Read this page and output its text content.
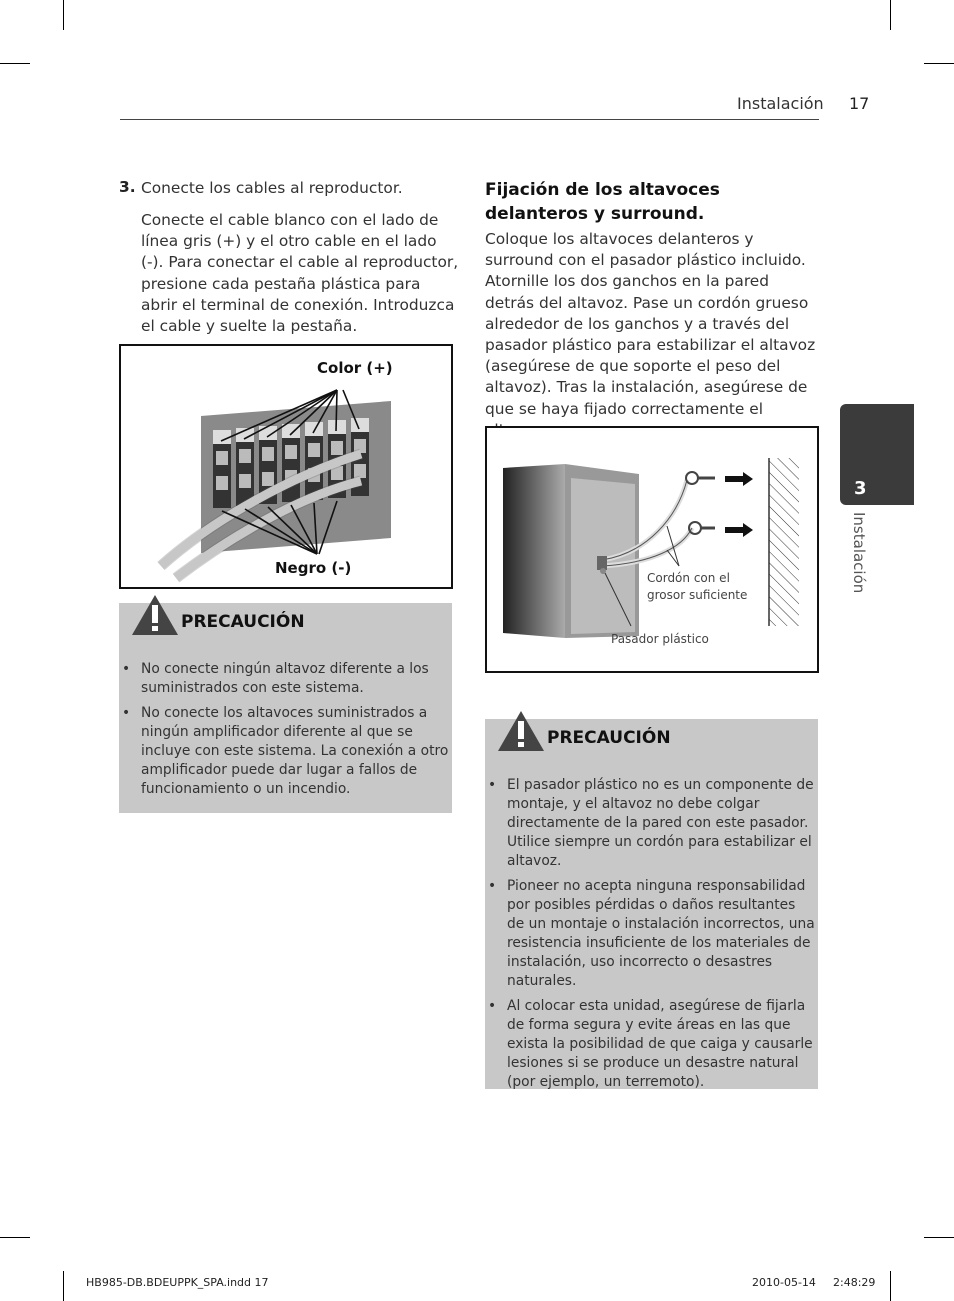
Instalación 17
3. Conecte los cables al reproductor.
Conecte el cable blanco con el lado de línea gris (+) y el otro cable en el lado (-). Para conectar el cable al reproductor, presione cada pestaña plástica para abrir el terminal de conexión. Introduzca el cable y suelte la pestaña.
Color (+)
Negro (-)
PRECAUCIÓN
• No conecte ningún altavoz diferente a los suministrados con este sistema.
• No conecte los altavoces suministrados a ningún amplificador diferente al que se incluye con este sistema. La conexión a otro amplificador puede dar lugar a fallos de funcionamiento o un incendio.
Fijación de los altavoces delanteros y surround.
Coloque los altavoces delanteros y surround con el pasador plástico incluido. Atornille los dos ganchos en la pared detrás del altavoz. Pase un cordón grueso alrededor de los ganchos y a través del pasador plástico para estabilizar el altavoz (asegúrese de que soporte el peso del altavoz). Tras la instalación, asegúrese de que se haya fijado correctamente el
Cordón con el
grosor suficiente
Pasador plástico
PRECAUCIÓN
• El pasador plástico no es un componente de montaje, y el altavoz no debe colgar directamente de la pared con este pasador. Utilice siempre un cordón para estabilizar el altavoz.
• Pioneer no acepta ninguna responsabilidad por posibles pérdidas o daños resultantes de un montaje o instalación incorrectos, una resistencia insuficiente de los materiales de instalación, uso incorrecto o desastres naturales.
• Al colocar esta unidad, asegúrese de fijarla de forma segura y evite áreas en las que exista la posibilidad de que caiga y causarle lesiones si se produce un desastre natural (por ejemplo, un terremoto).
3
Instalación
HB985-DB.BDEUPPK_SPA.indd 17	2010-05-14 2:48:29
